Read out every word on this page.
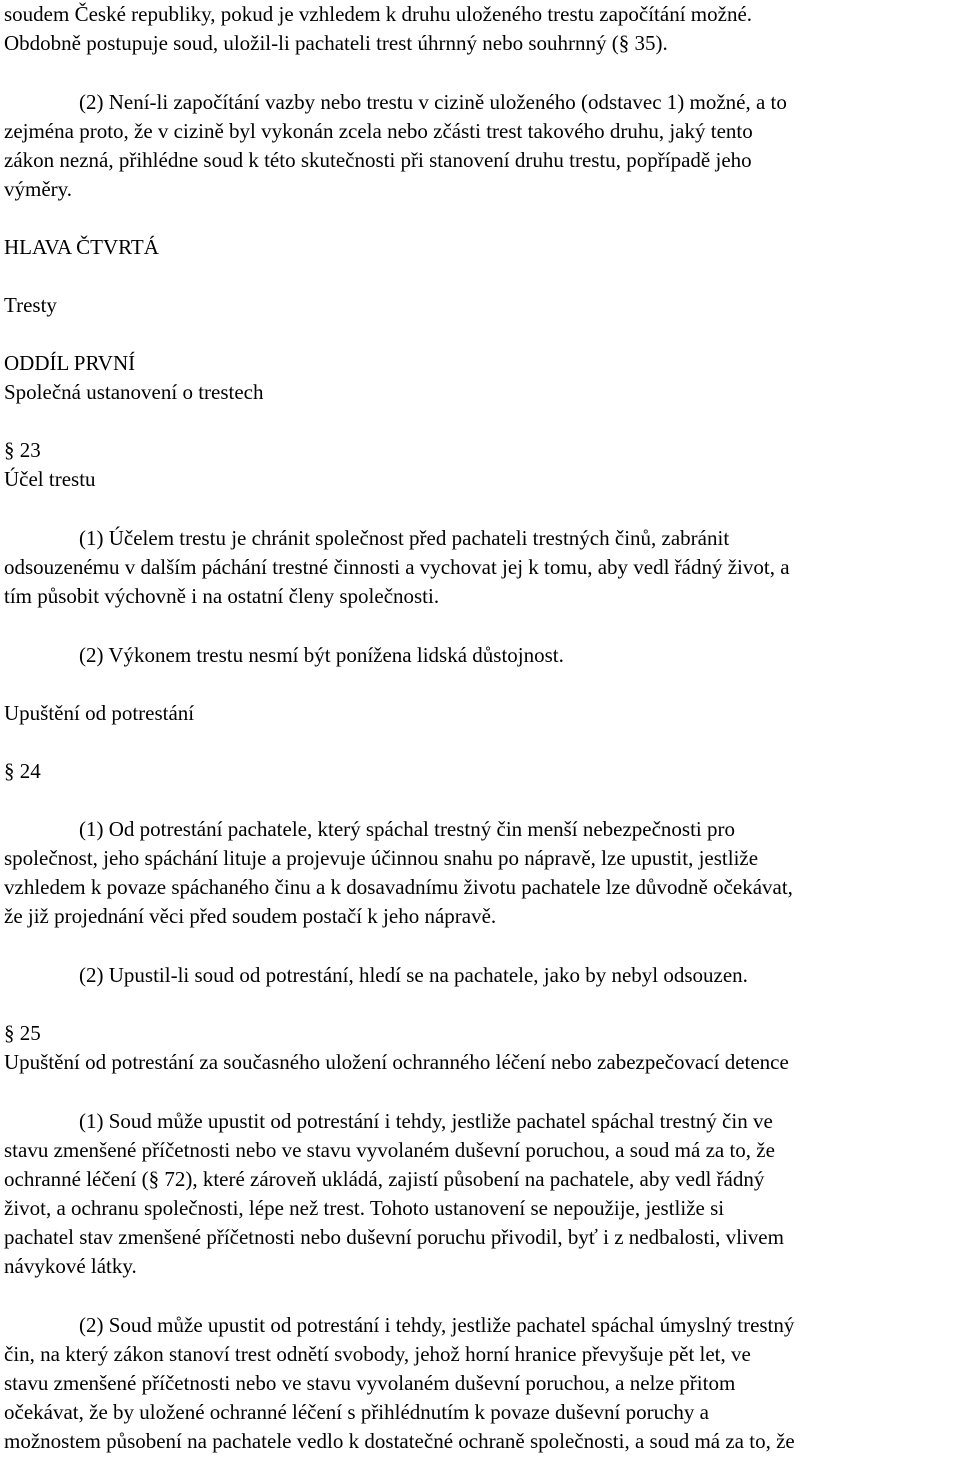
soudem České republiky, pokud je vzhledem k druhu uloženého trestu započítání možné.
Obdobně postupuje soud, uložil-li pachateli trest úhrnný nebo souhrnný (§ 35).
(2) Není-li započítání vazby nebo trestu v cizině uloženého (odstavec 1) možné, a to
zejména proto, že v cizině byl vykonán zcela nebo zčásti trest takového druhu, jaký tento
zákon nezná, přihlédne soud k této skutečnosti při stanovení druhu trestu, popřípadě jeho
výměry.
HLAVA ČTVRTÁ
Tresty
ODDÍL PRVNÍ
Společná ustanovení o trestech
§ 23
Účel trestu
(1) Účelem trestu je chránit společnost před pachateli trestných činů, zabránit
odsouzenému v dalším páchání trestné činnosti a vychovat jej k tomu, aby vedl řádný život, a
tím působit výchovně i na ostatní členy společnosti.
(2) Výkonem trestu nesmí být ponížena lidská důstojnost.
Upuštění od potrestání
§ 24
(1) Od potrestání pachatele, který spáchal trestný čin menší nebezpečnosti pro
společnost, jeho spáchání lituje a projevuje účinnou snahu po nápravě, lze upustit, jestliže
vzhledem k povaze spáchaného činu a k dosavadnímu životu pachatele lze důvodně očekávat,
že již projednání věci před soudem postačí k jeho nápravě.
(2) Upustil-li soud od potrestání, hledí se na pachatele, jako by nebyl odsouzen.
§ 25
Upuštění od potrestání za současného uložení ochranného léčení nebo zabezpečovací detence
(1) Soud může upustit od potrestání i tehdy, jestliže pachatel spáchal trestný čin ve
stavu zmenšené příčetnosti nebo ve stavu vyvolaném duševní poruchou, a soud má za to, že
ochranné léčení (§ 72), které zároveň ukládá, zajistí působení na pachatele, aby vedl řádný
život, a ochranu společnosti, lépe než trest. Tohoto ustanovení se nepoužije, jestliže si
pachatel stav zmenšené příčetnosti nebo duševní poruchu přivodil, byť i z nedbalosti, vlivem
návykové látky.
(2) Soud může upustit od potrestání i tehdy, jestliže pachatel spáchal úmyslný trestný
čin, na který zákon stanoví trest odnětí svobody, jehož horní hranice převyšuje pět let, ve
stavu zmenšené příčetnosti nebo ve stavu vyvolaném duševní poruchou, a nelze přitom
očekávat, že by uložené ochranné léčení s přihlédnutím k povaze duševní poruchy a
možnostem působení na pachatele vedlo k dostatečné ochraně společnosti, a soud má za to, že
